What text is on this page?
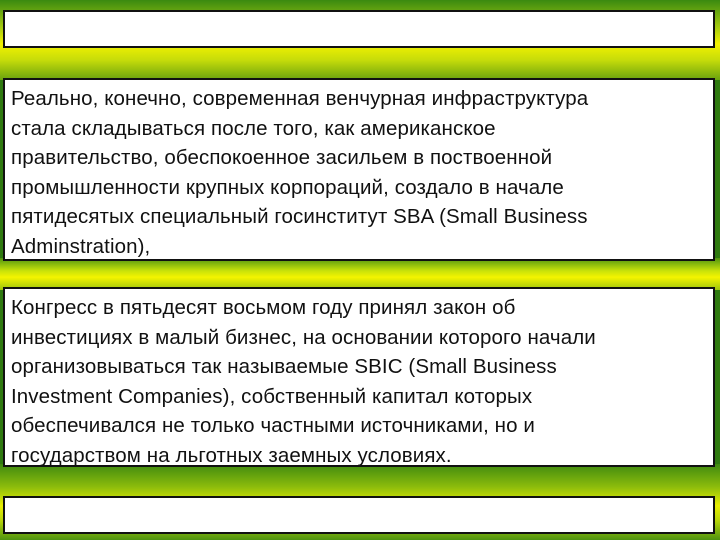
Реально, конечно, современная венчурная инфраструктура
стала складываться после того, как американское
правительство, обеспокоенное засильем в поствоенной
промышленности крупных корпораций, создало в начале
пятидесятых специальный госинститут SBA (Small Business
Adminstration),
Конгресс в пятьдесят восьмом году принял закон об
инвестициях в малый бизнес, на основании которого начали
организовываться так называемые SBIC (Small Business
Investment Companies), собственный капитал которых
обеспечивался не только частными источниками, но и
государством на льготных заемных условиях.
